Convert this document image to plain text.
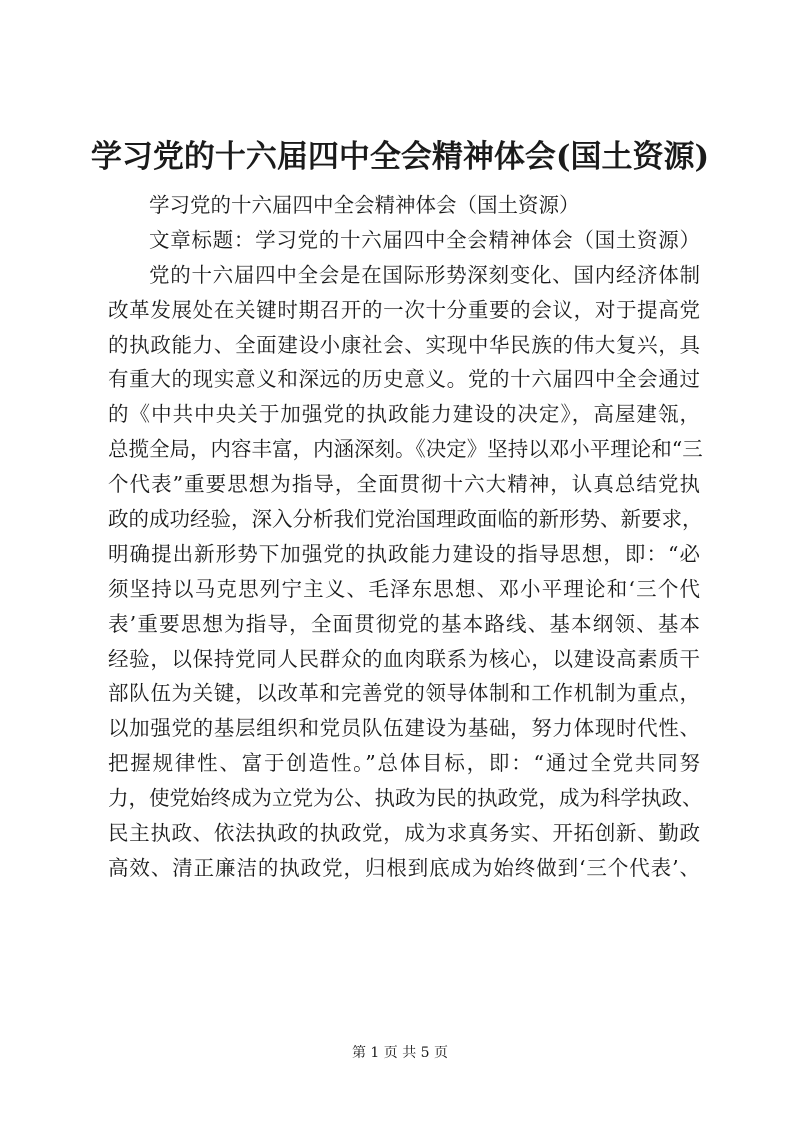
学习党的十六届四中全会精神体会(国土资源)
学习党的十六届四中全会精神体会（国土资源）
文章标题：学习党的十六届四中全会精神体会（国土资源）
党的十六届四中全会是在国际形势深刻变化、国内经济体制
改革发展处在关键时期召开的一次十分重要的会议，对于提高党
的执政能力、全面建设小康社会、实现中华民族的伟大复兴，具
有重大的现实意义和深远的历史意义。党的十六届四中全会通过
的《中共中央关于加强党的执政能力建设的决定》，高屋建瓴，
总揽全局，内容丰富，内涵深刻。《决定》坚持以邓小平理论和“三
个代表”重要思想为指导，全面贯彻十六大精神，认真总结党执
政的成功经验，深入分析我们党治国理政面临的新形势、新要求，
明确提出新形势下加强党的执政能力建设的指导思想，即：“必
须坚持以马克思列宁主义、毛泽东思想、邓小平理论和‘三个代
表’重要思想为指导，全面贯彻党的基本路线、基本纲领、基本
经验，以保持党同人民群众的血肉联系为核心，以建设高素质干
部队伍为关键，以改革和完善党的领导体制和工作机制为重点，
以加强党的基层组织和党员队伍建设为基础，努力体现时代性、
把握规律性、富于创造性。”总体目标，即：“通过全党共同努
力，使党始终成为立党为公、执政为民的执政党，成为科学执政、
民主执政、依法执政的执政党，成为求真务实、开拓创新、勤政
高效、清正廉洁的执政党，归根到底成为始终做到‘三个代表’、
第 1 页 共 5 页
